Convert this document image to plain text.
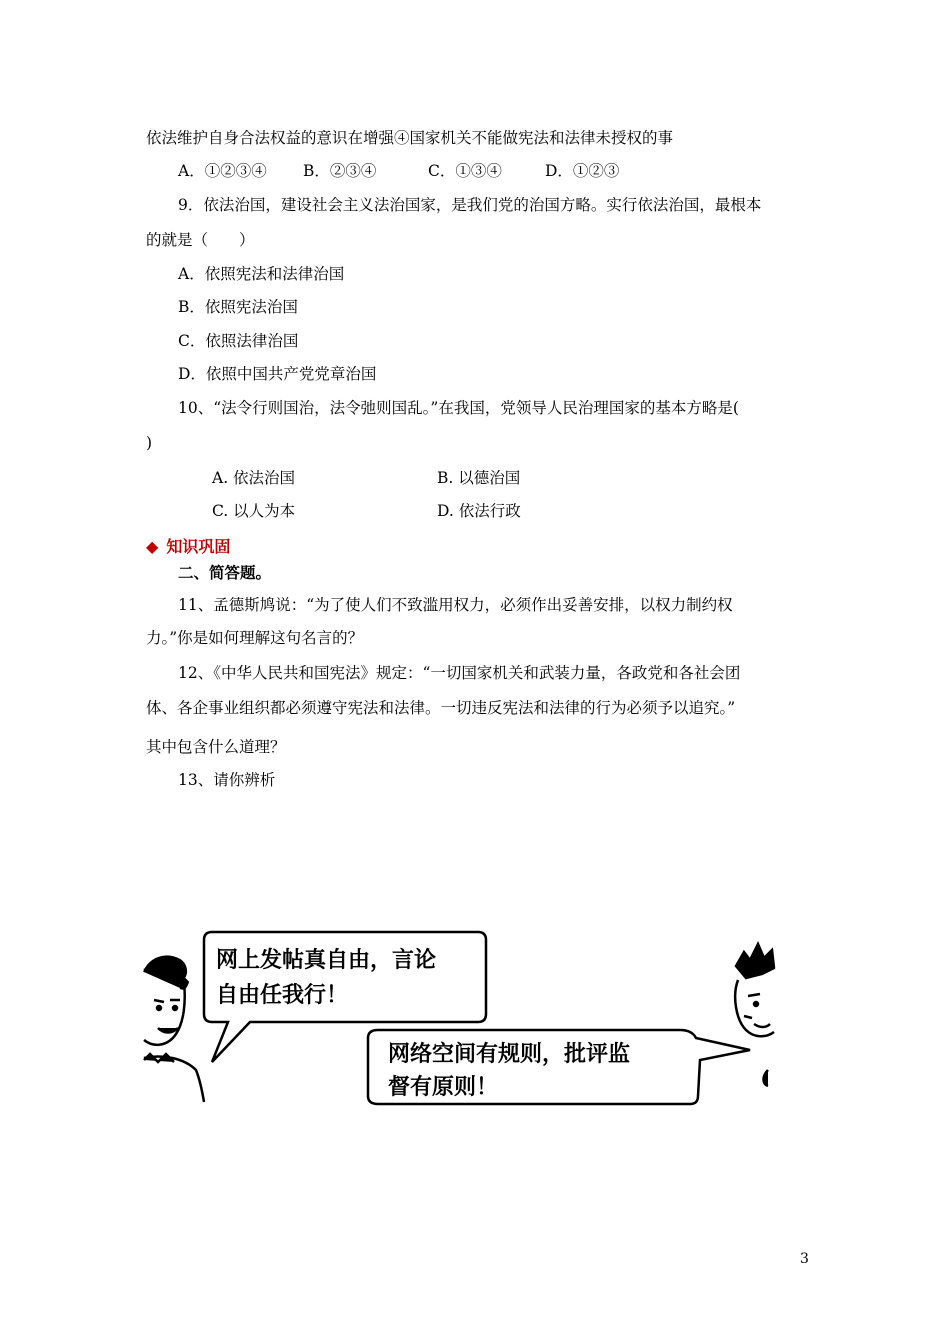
依法维护自身合法权益的意识在增强④国家机关不能做宪法和法律未授权的事
A．①②③④ B．②③④	C．①③④	D．①②③
9．依法治国，建设社会主义法治国家，是我们党的治国方略。实行依法治国，最根本
的就是（　　）
A．依照宪法和法律治国
B．依照宪法治国
C．依照法律治国
D．依照中国共产党党章治国
10、“法令行则国治，法令弛则国乱。”在我国，党领导人民治理国家的基本方略是(
)
A. 依法治国	B. 以德治国
C. 以人为本	D. 依法行政
◆ 知识巩固
二、简答题。
11、孟德斯鸠说：“为了使人们不致滥用权力，必须作出妥善安排，以权力制约权
力。”你是如何理解这句名言的？
12、《中华人民共和国宪法》规定：“一切国家机关和武装力量，各政党和各社会团
体、各企事业组织都必须遵守宪法和法律。一切违反宪法和法律的行为必须予以追究。”
其中包含什么道理？
13、请你辨析
网上发帖真自由，言论
自由任我行！
网络空间有规则，批评监
督有原则！
3
